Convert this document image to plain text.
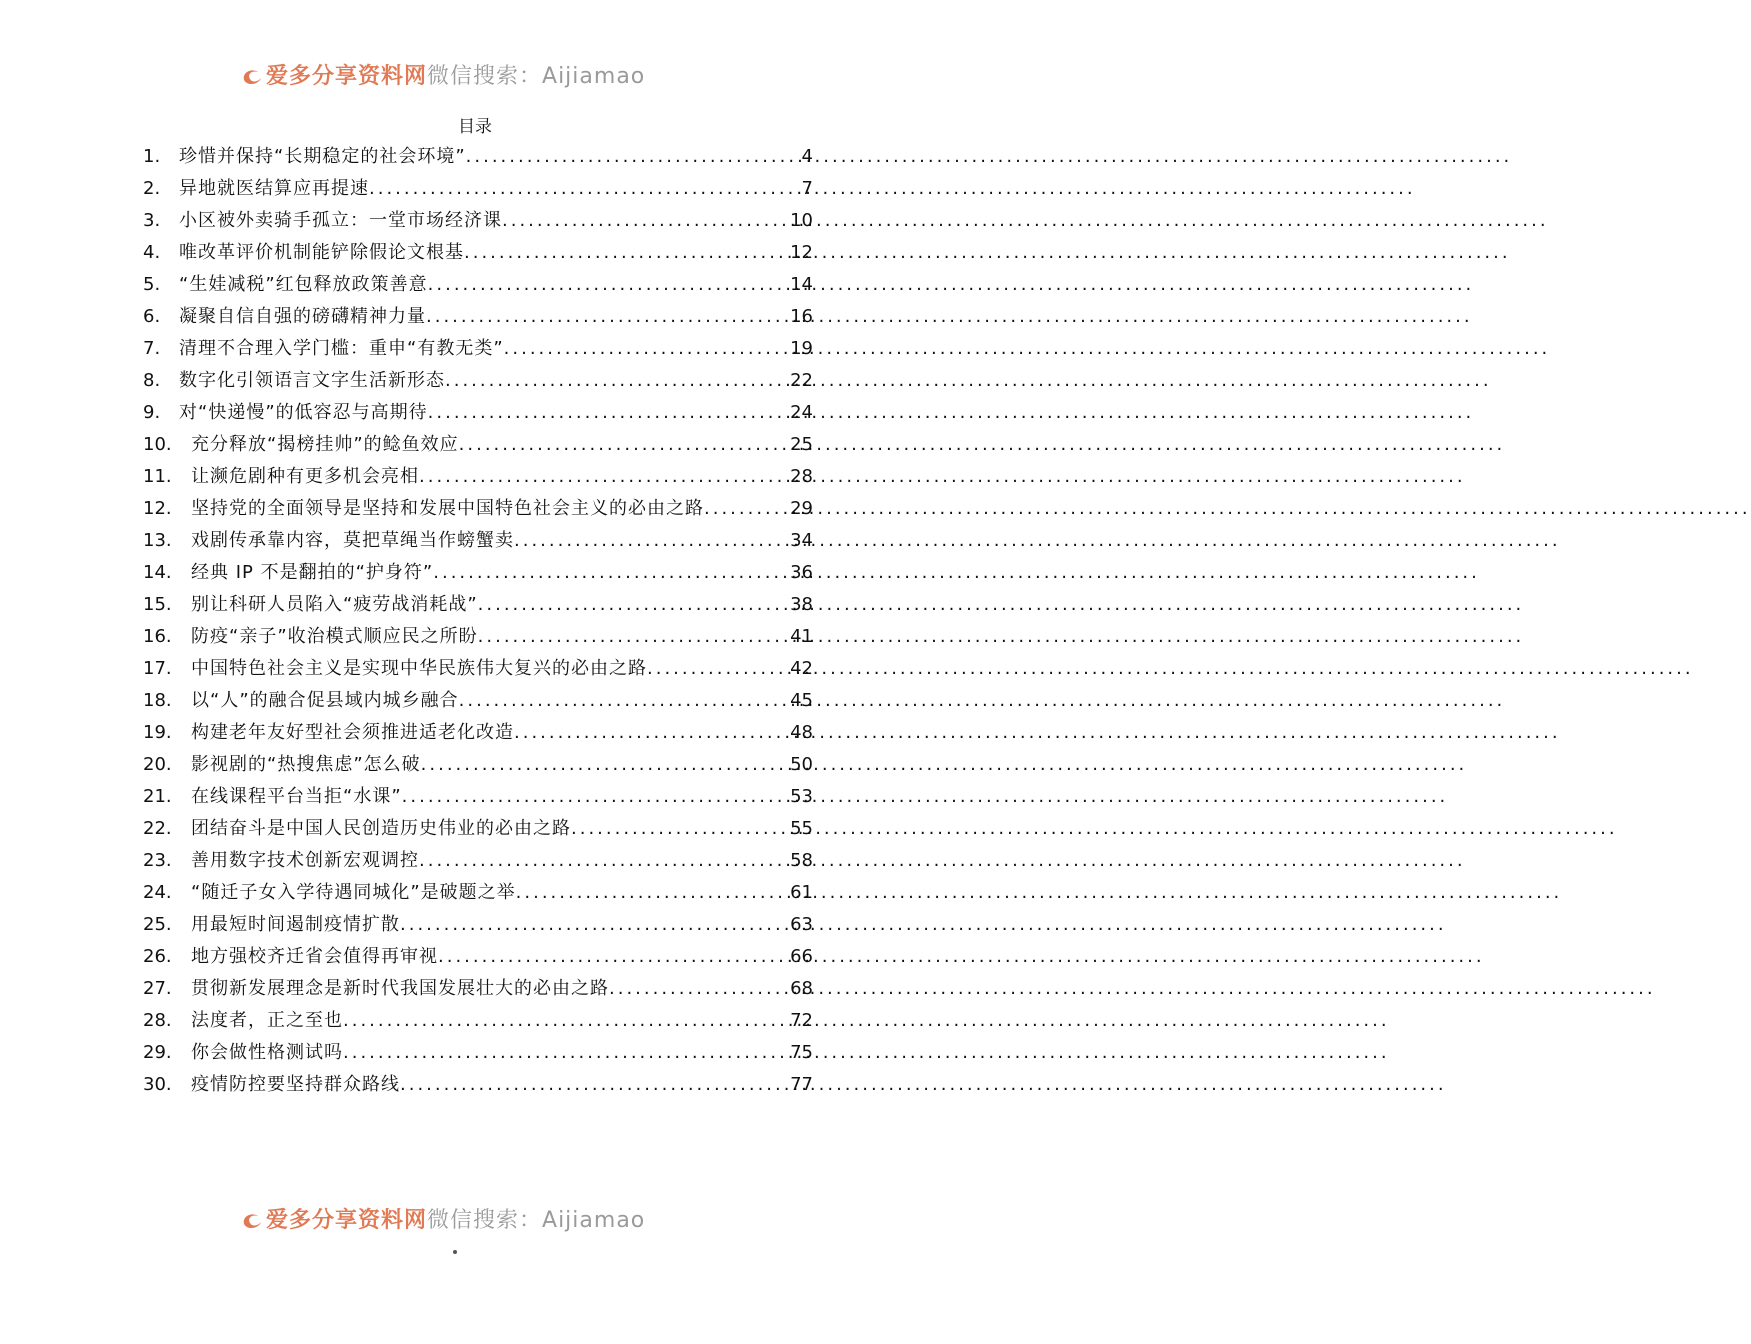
爱多分享资料网微信搜索：Aijiamao
目录
1.	珍惜并保持“长期稳定的社会环境” .....	4
2.	异地就医结算应再提速 .....	7
3.	小区被外卖骑手孤立：一堂市场经济课 .....	10
4.	唯改革评价机制能铲除假论文根基 .....	12
5.	“生娃减税”红包释放政策善意 .....	14
6.	凝聚自信自强的磅礴精神力量 .....	16
7.	清理不合理入学门槛：重申“有教无类” .....	19
8.	数字化引领语言文字生活新形态 .....	22
9.	对“快递慢”的低容忍与高期待 .....	24
10.	充分释放“揭榜挂帅”的鲶鱼效应 .....	25
11.	让濒危剧种有更多机会亮相 .....	28
12.	坚持党的全面领导是坚持和发展中国特色社会主义的必由之路 .....	29
13.	戏剧传承靠内容，莫把草绳当作螃蟹卖 .....	34
14.	经典 IP 不是翻拍的“护身符” .....	36
15.	别让科研人员陷入“疲劳战消耗战” .....	38
16.	防疫“亲子”收治模式顺应民之所盼 .....	41
17.	中国特色社会主义是实现中华民族伟大复兴的必由之路 .....	42
18.	以“人”的融合促县域内城乡融合 .....	45
19.	构建老年友好型社会须推进适老化改造 .....	48
20.	影视剧的“热搜焦虑”怎么破 .....	50
21.	在线课程平台当拒“水课” .....	53
22.	团结奋斗是中国人民创造历史伟业的必由之路 .....	55
23.	善用数字技术创新宏观调控 .....	58
24.	“随迁子女入学待遇同城化”是破题之举 .....	61
25.	用最短时间遏制疫情扩散 .....	63
26.	地方强校齐迁省会值得再审视 .....	66
27.	贯彻新发展理念是新时代我国发展壮大的必由之路 .....	68
28.	法度者，正之至也 .....	72
29.	你会做性格测试吗 .....	75
30.	疫情防控要坚持群众路线 .....	77
爱多分享资料网微信搜索：Aijiamao
